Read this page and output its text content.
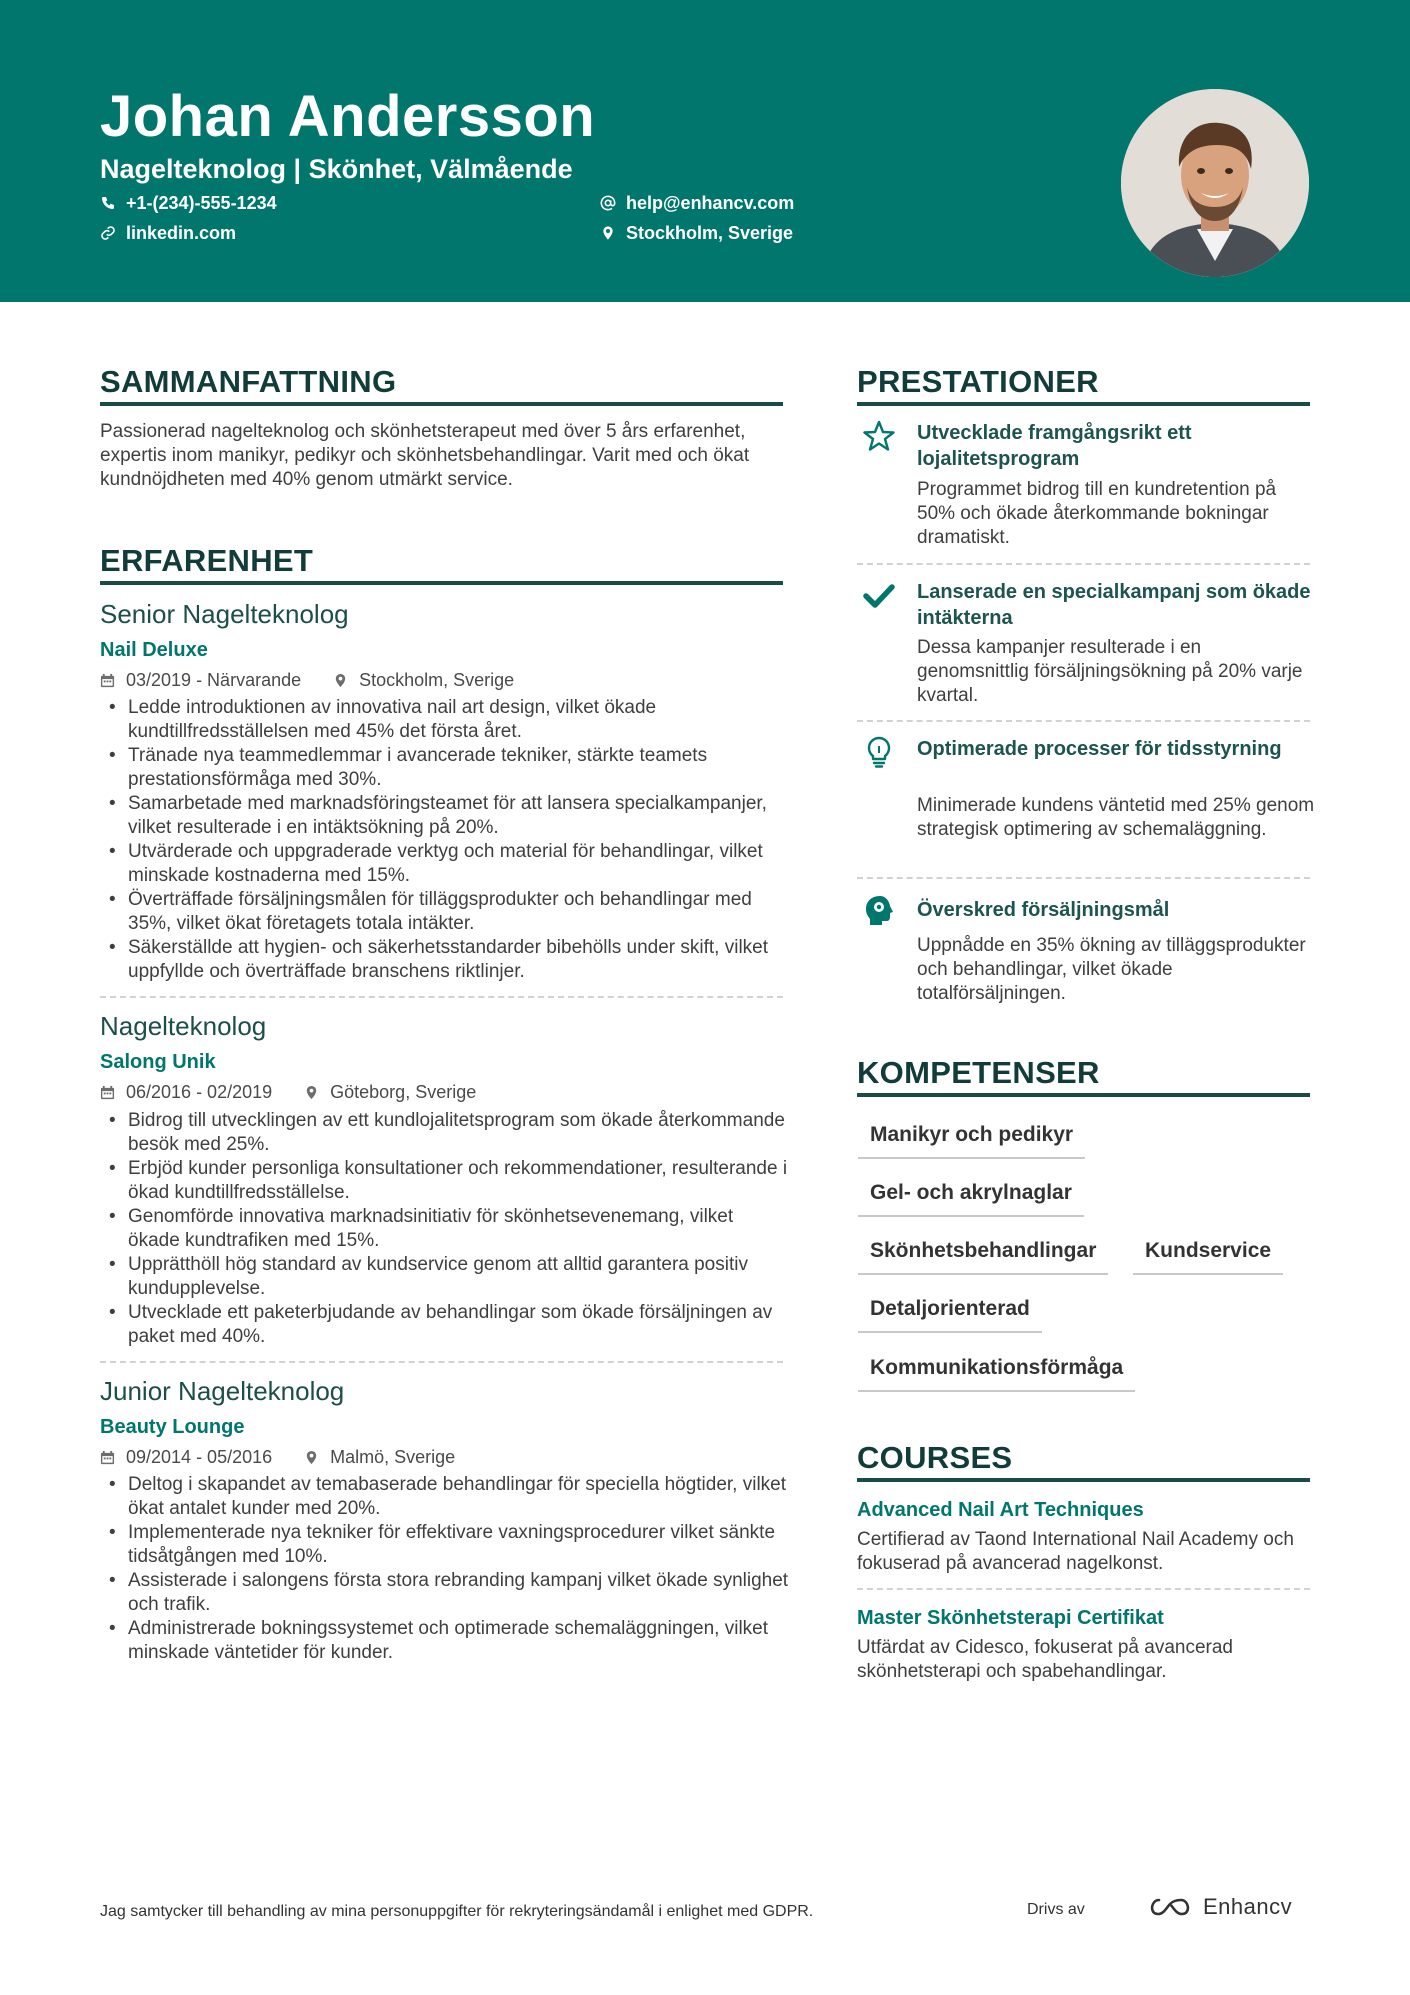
Johan Andersson
Nagelteknolog | Skönhet, Välmående
+1-(234)-555-1234
linkedin.com
help@enhancv.com
Stockholm, Sverige
SAMMANFATTNING

Passionerad nagelteknolog och skönhetsterapeut med över 5 års erfarenhet, expertis inom manikyr, pedikyr och skönhetsbehandlingar. Varit med och ökat kundnöjdheten med 40% genom utmärkt service.

ERFARENHET
Senior Nagelteknolog
Nail Deluxe
03/2019 - Närvarande	Stockholm, Sverige
• Ledde introduktionen av innovativa nail art design, vilket ökade kundtillfredsställelsen med 45% det första året.
• Tränade nya teammedlemmar i avancerade tekniker, stärkte teamets prestationsförmåga med 30%.
• Samarbetade med marknadsföringsteamet för att lansera specialkampanjer, vilket resulterade i en intäktsökning på 20%.
• Utvärderade och uppgraderade verktyg och material för behandlingar, vilket minskade kostnaderna med 15%.
• Överträffade försäljningsmålen för tilläggsprodukter och behandlingar med 35%, vilket ökat företagets totala intäkter.
• Säkerställde att hygien- och säkerhetsstandarder bibehölls under skift, vilket uppfyllde och överträffade branschens riktlinjer.
Nagelteknolog
Salong Unik
06/2016 - 02/2019	Göteborg, Sverige
• Bidrog till utvecklingen av ett kundlojalitetsprogram som ökade återkommande besök med 25%.
• Erbjöd kunder personliga konsultationer och rekommendationer, resulterande i ökad kundtillfredsställelse.
• Genomförde innovativa marknadsinitiativ för skönhetsevenemang, vilket ökade kundtrafiken med 15%.
• Upprätthöll hög standard av kundservice genom att alltid garantera positiv kundupplevelse.
• Utvecklade ett paketerbjudande av behandlingar som ökade försäljningen av paket med 40%.
Junior Nagelteknolog
Beauty Lounge
09/2014 - 05/2016	Malmö, Sverige
• Deltog i skapandet av temabaserade behandlingar för speciella högtider, vilket ökat antalet kunder med 20%.
• Implementerade nya tekniker för effektivare vaxningsprocedurer vilket sänkte tidsåtgången med 10%.
• Assisterade i salongens första stora rebranding kampanj vilket ökade synlighet och trafik.
• Administrerade bokningssystemet och optimerade schemaläggningen, vilket minskade väntetider för kunder.
PRESTATIONER
Utvecklade framgångsrikt ett lojalitetsprogram
Programmet bidrog till en kundretention på 50% och ökade återkommande bokningar dramatiskt.
Lanserade en specialkampanj som ökade intäkterna
Dessa kampanjer resulterade i en genomsnittlig försäljningsökning på 20% varje kvartal.
Optimerade processer för tidsstyrning
Minimerade kundens väntetid med 25% genom strategisk optimering av schemaläggning.
Överskred försäljningsmål
Uppnådde en 35% ökning av tilläggsprodukter och behandlingar, vilket ökade totalförsäljningen.
KOMPETENSER
Manikyr och pedikyr
Gel- och akrylnaglar
Skönhetsbehandlingar	Kundservice
Detaljorienterad
Kommunikationsförmåga
COURSES
Advanced Nail Art Techniques
Certifierad av Taond International Nail Academy och fokuserad på avancerad nagelkonst.
Master Skönhetsterapi Certifikat
Utfärdat av Cidesco, fokuserat på avancerad skönhetsterapi och spabehandlingar.
Jag samtycker till behandling av mina personuppgifter för rekryteringsändamål i enlighet med GDPR.	Drivs av	Enhancv
